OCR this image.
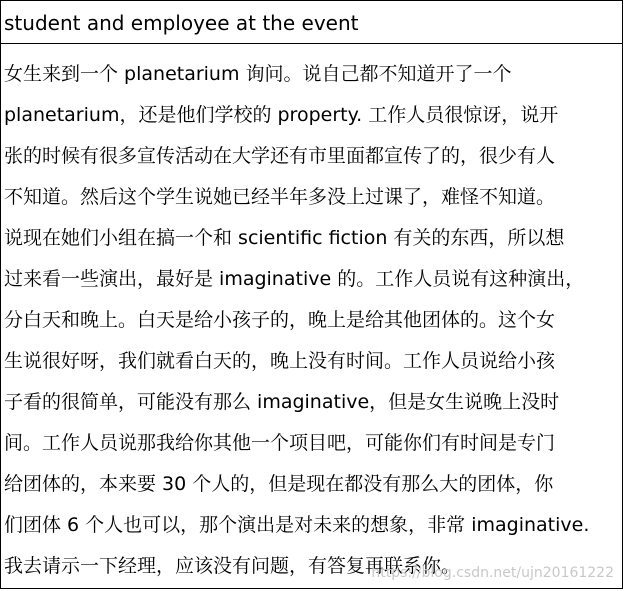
student and employee at the event
女生来到一个 planetarium 询问。说自己都不知道开了一个
planetarium，还是他们学校的 property. 工作人员很惊讶，说开
张的时候有很多宣传活动在大学还有市里面都宣传了的，很少有人
不知道。然后这个学生说她已经半年多没上过课了，难怪不知道。
说现在她们小组在搞一个和 scientific fiction 有关的东西，所以想
过来看一些演出，最好是 imaginative 的。工作人员说有这种演出，
分白天和晚上。白天是给小孩子的，晚上是给其他团体的。这个女
生说很好呀，我们就看白天的，晚上没有时间。工作人员说给小孩
子看的很简单，可能没有那么 imaginative，但是女生说晚上没时
间。工作人员说那我给你其他一个项目吧，可能你们有时间是专门
给团体的，本来要 30 个人的，但是现在都没有那么大的团体，你
们团体 6 个人也可以，那个演出是对未来的想象，非常 imaginative.
我去请示一下经理，应该没有问题，有答复再联系你。
https://blog.csdn.net/ujn20161222
